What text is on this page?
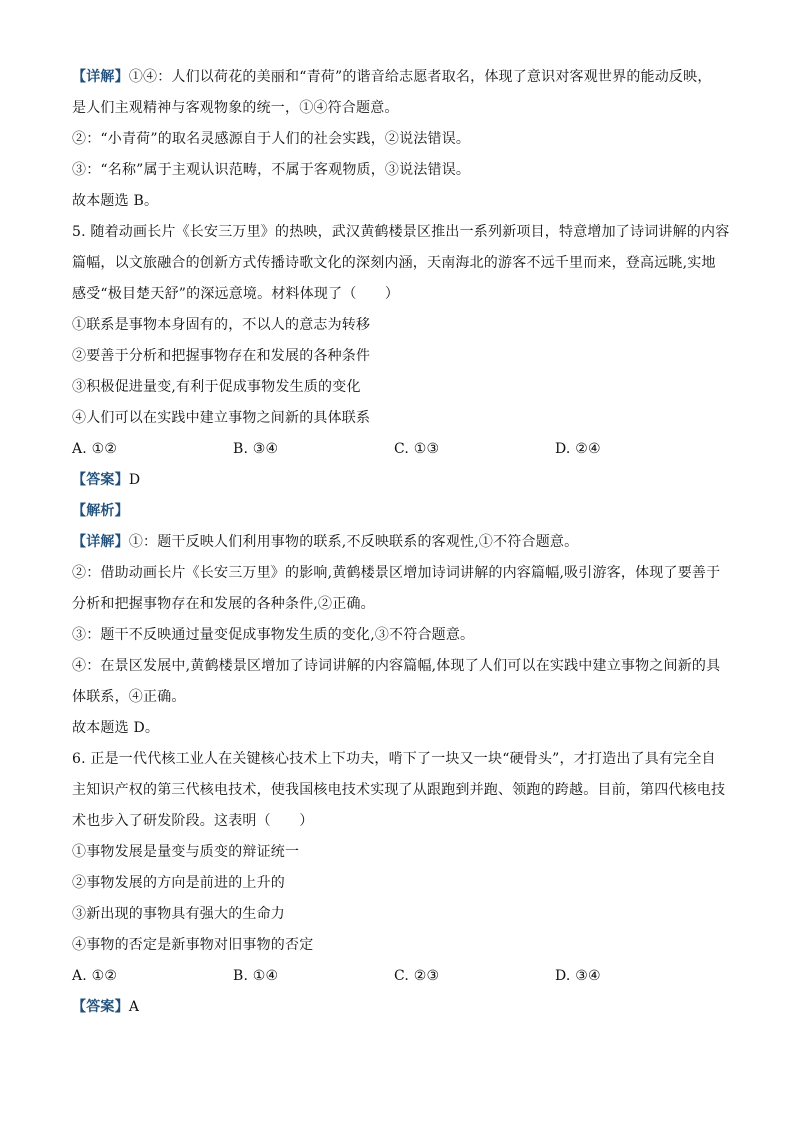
【详解】①④：人们以荷花的美丽和“青荷”的谐音给志愿者取名，体现了意识对客观世界的能动反映，
是人们主观精神与客观物象的统一，①④符合题意。
②：“小青荷”的取名灵感源自于人们的社会实践，②说法错误。
③：“名称”属于主观认识范畴，不属于客观物质，③说法错误。
故本题选 B。
5. 随着动画长片《长安三万里》的热映，武汉黄鹤楼景区推出一系列新项目，特意增加了诗词讲解的内容
篇幅，以文旅融合的创新方式传播诗歌文化的深刻内涵，天南海北的游客不远千里而来，登高远眺,实地
感受“极目楚天舒”的深远意境。材料体现了（　　）
①联系是事物本身固有的，不以人的意志为转移
②要善于分析和把握事物存在和发展的各种条件
③积极促进量变,有利于促成事物发生质的变化
④人们可以在实践中建立事物之间新的具体联系
A. ①②	B. ③④	C. ①③	D. ②④
【答案】D
【解析】
【详解】①：题干反映人们利用事物的联系,不反映联系的客观性,①不符合题意。
②：借助动画长片《长安三万里》的影响,黄鹤楼景区增加诗词讲解的内容篇幅,吸引游客，体现了要善于
分析和把握事物存在和发展的各种条件,②正确。
③：题干不反映通过量变促成事物发生质的变化,③不符合题意。
④：在景区发展中,黄鹤楼景区增加了诗词讲解的内容篇幅,体现了人们可以在实践中建立事物之间新的具
体联系，④正确。
故本题选 D。
6. 正是一代代核工业人在关键核心技术上下功夫，啃下了一块又一块“硬骨头”，才打造出了具有完全自
主知识产权的第三代核电技术，使我国核电技术实现了从跟跑到并跑、领跑的跨越。目前，第四代核电技
术也步入了研发阶段。这表明（　　）
①事物发展是量变与质变的辩证统一
②事物发展的方向是前进的上升的
③新出现的事物具有强大的生命力
④事物的否定是新事物对旧事物的否定
A. ①②	B. ①④	C. ②③	D. ③④
【答案】A
